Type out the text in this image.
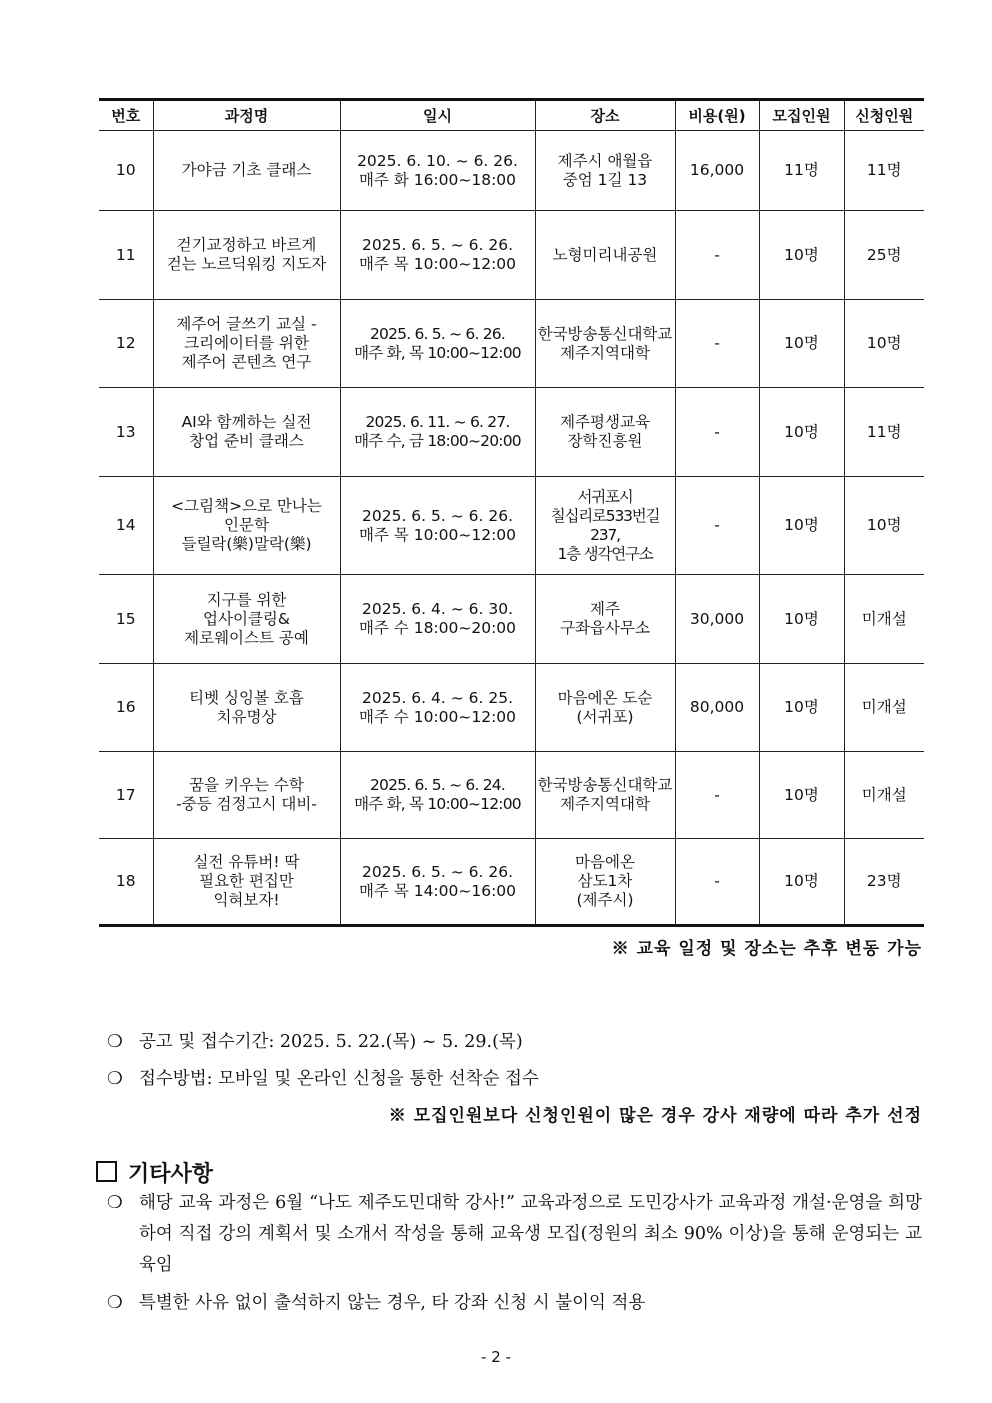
번호	과정명	일시	장소	비용(원)	모집인원	신청인원
10	가야금 기초 클래스	2025. 6. 10. ~ 6. 26.
매주 화 16:00~18:00	제주시 애월읍
중엄 1길 13	16,000	11명	11명
11	걷기교정하고 바르게
걷는 노르딕워킹 지도자	2025. 6. 5. ~ 6. 26.
매주 목 10:00~12:00	노형미리내공원	-	10명	25명
12	제주어 글쓰기 교실 -
크리에이터를 위한
제주어 콘텐츠 연구	2025. 6. 5. ~ 6. 26.
매주 화, 목 10:00~12:00	한국방송통신대학교
제주지역대학	-	10명	10명
13	AI와 함께하는 실전
창업 준비 클래스	2025. 6. 11. ~ 6. 27.
매주 수, 금 18:00~20:00	제주평생교육
장학진흥원	-	10명	11명
14	<그림책>으로 만나는
인문학
들릴락(樂)말락(樂)	2025. 6. 5. ~ 6. 26.
매주 목 10:00~12:00	서귀포시
칠십리로533번길 237,
1층 생각연구소	-	10명	10명
15	지구를 위한
업사이클링&
제로웨이스트 공예	2025. 6. 4. ~ 6. 30.
매주 수 18:00~20:00	제주
구좌읍사무소	30,000	10명	미개설
16	티벳 싱잉볼 호흡
치유명상	2025. 6. 4. ~ 6. 25.
매주 수 10:00~12:00	마음에온 도순
(서귀포)	80,000	10명	미개설
17	꿈을 키우는 수학
-중등 검정고시 대비-	2025. 6. 5. ~ 6. 24.
매주 화, 목 10:00~12:00	한국방송통신대학교
제주지역대학	-	10명	미개설
18	실전 유튜버! 딱
필요한 편집만
익혀보자!	2025. 6. 5. ~ 6. 26.
매주 목 14:00~16:00	마음에온
삼도1차
(제주시)	-	10명	23명
※ 교육 일정 및 장소는 추후 변동 가능
❍ 공고 및 접수기간: 2025. 5. 22.(목) ~ 5. 29.(목)
❍ 접수방법: 모바일 및 온라인 신청을 통한 선착순 접수
※ 모집인원보다 신청인원이 많은 경우 강사 재량에 따라 추가 선정
기타사항
❍ 해당 교육 과정은 6월 “나도 제주도민대학 강사!” 교육과정으로 도민강사가 교육과정 개설·운영을 희망하여 직접 강의 계획서 및 소개서 작성을 통해 교육생 모집(정원의 최소 90% 이상)을 통해 운영되는 교육임
❍ 특별한 사유 없이 출석하지 않는 경우, 타 강좌 신청 시 불이익 적용
- 2 -
